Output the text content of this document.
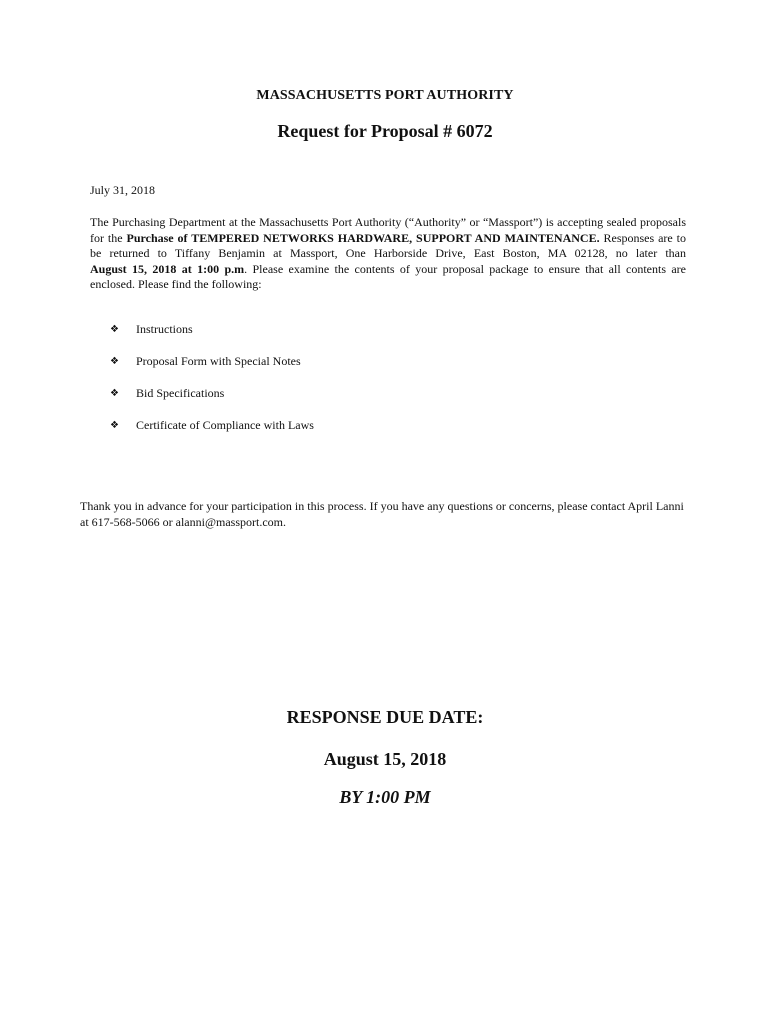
MASSACHUSETTS PORT AUTHORITY
Request for Proposal # 6072
July 31, 2018
The Purchasing Department at the Massachusetts Port Authority (“Authority” or “Massport”) is accepting sealed proposals for the Purchase of TEMPERED NETWORKS HARDWARE, SUPPORT AND MAINTENANCE. Responses are to be returned to Tiffany Benjamin at Massport, One Harborside Drive, East Boston, MA 02128, no later than August 15, 2018 at 1:00 p.m. Please examine the contents of your proposal package to ensure that all contents are enclosed. Please find the following:
❖	Instructions
❖	Proposal Form with Special Notes
❖	Bid Specifications
❖	Certificate of Compliance with Laws
Thank you in advance for your participation in this process. If you have any questions or concerns, please contact April Lanni at 617-568-5066 or alanni@massport.com.
RESPONSE DUE DATE:
August 15, 2018
BY 1:00 PM
